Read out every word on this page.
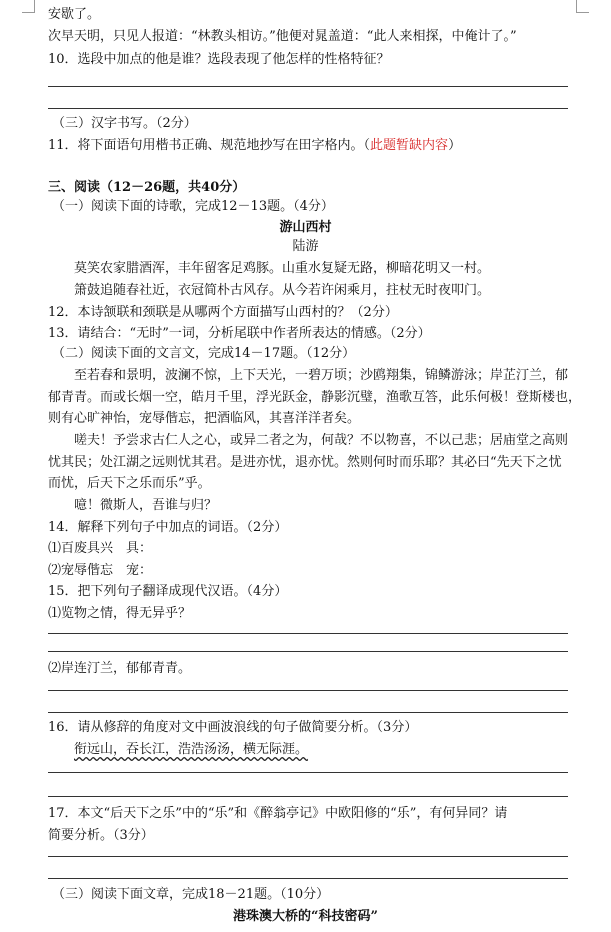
安歇了。
次早天明，只见人报道：“林教头相访。”他便对晁盖道：“此人来相探，中俺计了。”
10．选段中加点的他是谁？选段表现了他怎样的性格特征？
（三）汉字书写。（2分）
11．将下面语句用楷书正确、规范地抄写在田字格内。（此题暂缺内容）
三、阅读（12－26题，共40分）
（一）阅读下面的诗歌，完成12－13题。（4分）
游山西村
陆游
莫笑农家腊酒浑，丰年留客足鸡豚。山重水复疑无路，柳暗花明又一村。
箫鼓追随春社近，衣冠简朴古风存。从今若许闲乘月，拄杖无时夜叩门。
12．本诗颔联和颈联是从哪两个方面描写山西村的？（2分）
13．请结合：“无时”一词，分析尾联中作者所表达的情感。（2分）
（二）阅读下面的文言文，完成14－17题。（12分）
至若春和景明，波澜不惊，上下天光，一碧万顷；沙鸥翔集，锦鳞游泳；岸芷汀兰，郁
郁青青。而或长烟一空，皓月千里，浮光跃金，静影沉璧，渔歌互答，此乐何极！登斯楼也，
则有心旷神怡，宠辱偕忘，把酒临风，其喜洋洋者矣。
嗟夫！予尝求古仁人之心，或异二者之为，何哉？不以物喜，不以己悲；居庙堂之高则
忧其民；处江湖之远则忧其君。是进亦忧，退亦忧。然则何时而乐耶？其必曰“先天下之忧
而忧，后天下之乐而乐”乎。
噫！微斯人，吾谁与归？
14．解释下列句子中加点的词语。（2分）
⑴百废具兴　具：
⑵宠辱偕忘　宠：
15．把下列句子翻译成现代汉语。（4分）
⑴览物之情，得无异乎？
⑵岸连汀兰，郁郁青青。
16．请从修辞的角度对文中画波浪线的句子做简要分析。（3分）
衔远山，吞长江，浩浩汤汤，横无际涯。
17．本文“后天下之乐”中的“乐”和《醉翁亭记》中欧阳修的“乐”，有何异同？请
简要分析。（3分）
（三）阅读下面文章，完成18－21题。（10分）
港珠澳大桥的“科技密码”
